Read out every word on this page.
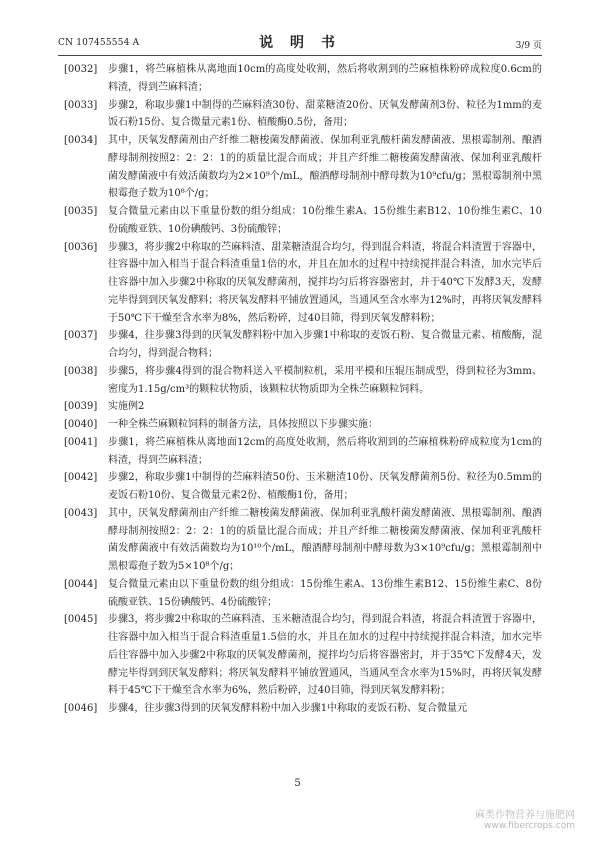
CN 107455554 A	说 明 书	3/9 页
[0032] 步骤1，将苎麻植株从离地面10cm的高度处收割，然后将收割到的苎麻植株粉碎成粒度0.6cm的料渣，得到苎麻料渣；
[0033] 步骤2，称取步骤1中制得的苎麻料渣30份、甜菜糖渣20份、厌氧发酵菌剂3份、粒径为1mm的麦饭石粉15份、复合微量元素1份、植酸酶0.5份，备用；
[0034] 其中，厌氧发酵菌剂由产纤维二糖梭菌发酵菌液、保加利亚乳酸杆菌发酵菌液、黑根霉制剂、酿酒酵母制剂按照2：2：2：1的的质量比混合而成；并且产纤维二糖梭菌发酵菌液、保加利亚乳酸杆菌发酵菌液中有效活菌数均为2×10⁹个/mL，酿酒酵母制剂中酵母数为10⁹cfu/g；黑根霉制剂中黑根霉孢子数为10⁸个/g；
[0035] 复合微量元素由以下重量份数的组分组成：10份维生素A、15份维生素B12、10份维生素C、10份硫酸亚铁、10份碘酸钙、3份硫酸锌；
[0036] 步骤3，将步骤2中称取的苎麻料渣、甜菜糖渣混合均匀，得到混合料渣，将混合料渣置于容器中，往容器中加入相当于混合料渣重量1倍的水，并且在加水的过程中持续搅拌混合料渣，加水完毕后往容器中加入步骤2中称取的厌氧发酵菌剂，搅拌均匀后将容器密封，并于40℃下发酵3天，发酵完毕得到到厌氧发酵料；将厌氧发酵料平铺放置通风，当通风至含水率为12%时，再将厌氧发酵料于50℃下干燥至含水率为8%，然后粉碎，过40目筛，得到厌氧发酵料粉；
[0037] 步骤4，往步骤3得到的厌氧发酵料粉中加入步骤1中称取的麦饭石粉、复合微量元素、植酸酶，混合均匀，得到混合物料；
[0038] 步骤5，将步骤4得到的混合物料送入平模制粒机，采用平模和压辊压制成型，得到粒径为3mm、密度为1.15g/cm³的颗粒状物质，该颗粒状物质即为全株苎麻颗粒饲料。
[0039] 实施例2
[0040] 一种全株苎麻颗粒饲料的制备方法，具体按照以下步骤实施：
[0041] 步骤1，将苎麻植株从离地面12cm的高度处收割，然后将收割到的苎麻植株粉碎成粒度为1cm的料渣，得到苎麻料渣；
[0042] 步骤2，称取步骤1中制得的苎麻料渣50份、玉米糖渣10份、厌氧发酵菌剂5份、粒径为0.5mm的麦饭石粉10份、复合微量元素2份、植酸酶1份，备用；
[0043] 其中，厌氧发酵菌剂由产纤维二糖梭菌发酵菌液、保加利亚乳酸杆菌发酵菌液、黑根霉制剂、酿酒酵母制剂按照2：2：2：1的的质量比混合而成；并且产纤维二糖梭菌发酵菌液、保加利亚乳酸杆菌发酵菌液中有效活菌数均为10¹⁰个/mL，酿酒酵母制剂中酵母数为3×10⁹cfu/g；黑根霉制剂中黑根霉孢子数为5×10⁸个/g；
[0044] 复合微量元素由以下重量份数的组分组成：15份维生素A、13份维生素B12、15份维生素C、8份硫酸亚铁、15份碘酸钙、4份硫酸锌；
[0045] 步骤3，将步骤2中称取的苎麻料渣、玉米糖渣混合均匀，得到混合料渣，将混合料渣置于容器中，往容器中加入相当于混合料渣重量1.5倍的水，并且在加水的过程中持续搅拌混合料渣，加水完毕后往容器中加入步骤2中称取的厌氧发酵菌剂，搅拌均匀后将容器密封，并于35℃下发酵4天，发酵完毕得到到厌氧发酵料；将厌氧发酵料平铺放置通风，当通风至含水率为15%时，再将厌氧发酵料于45℃下干燥至含水率为6%，然后粉碎，过40目筛，得到厌氧发酵料粉；
[0046] 步骤4，往步骤3得到的厌氧发酵料粉中加入步骤1中称取的麦饭石粉、复合微量元
5
麻类作物营养与施肥网
www.fibercrops.com
